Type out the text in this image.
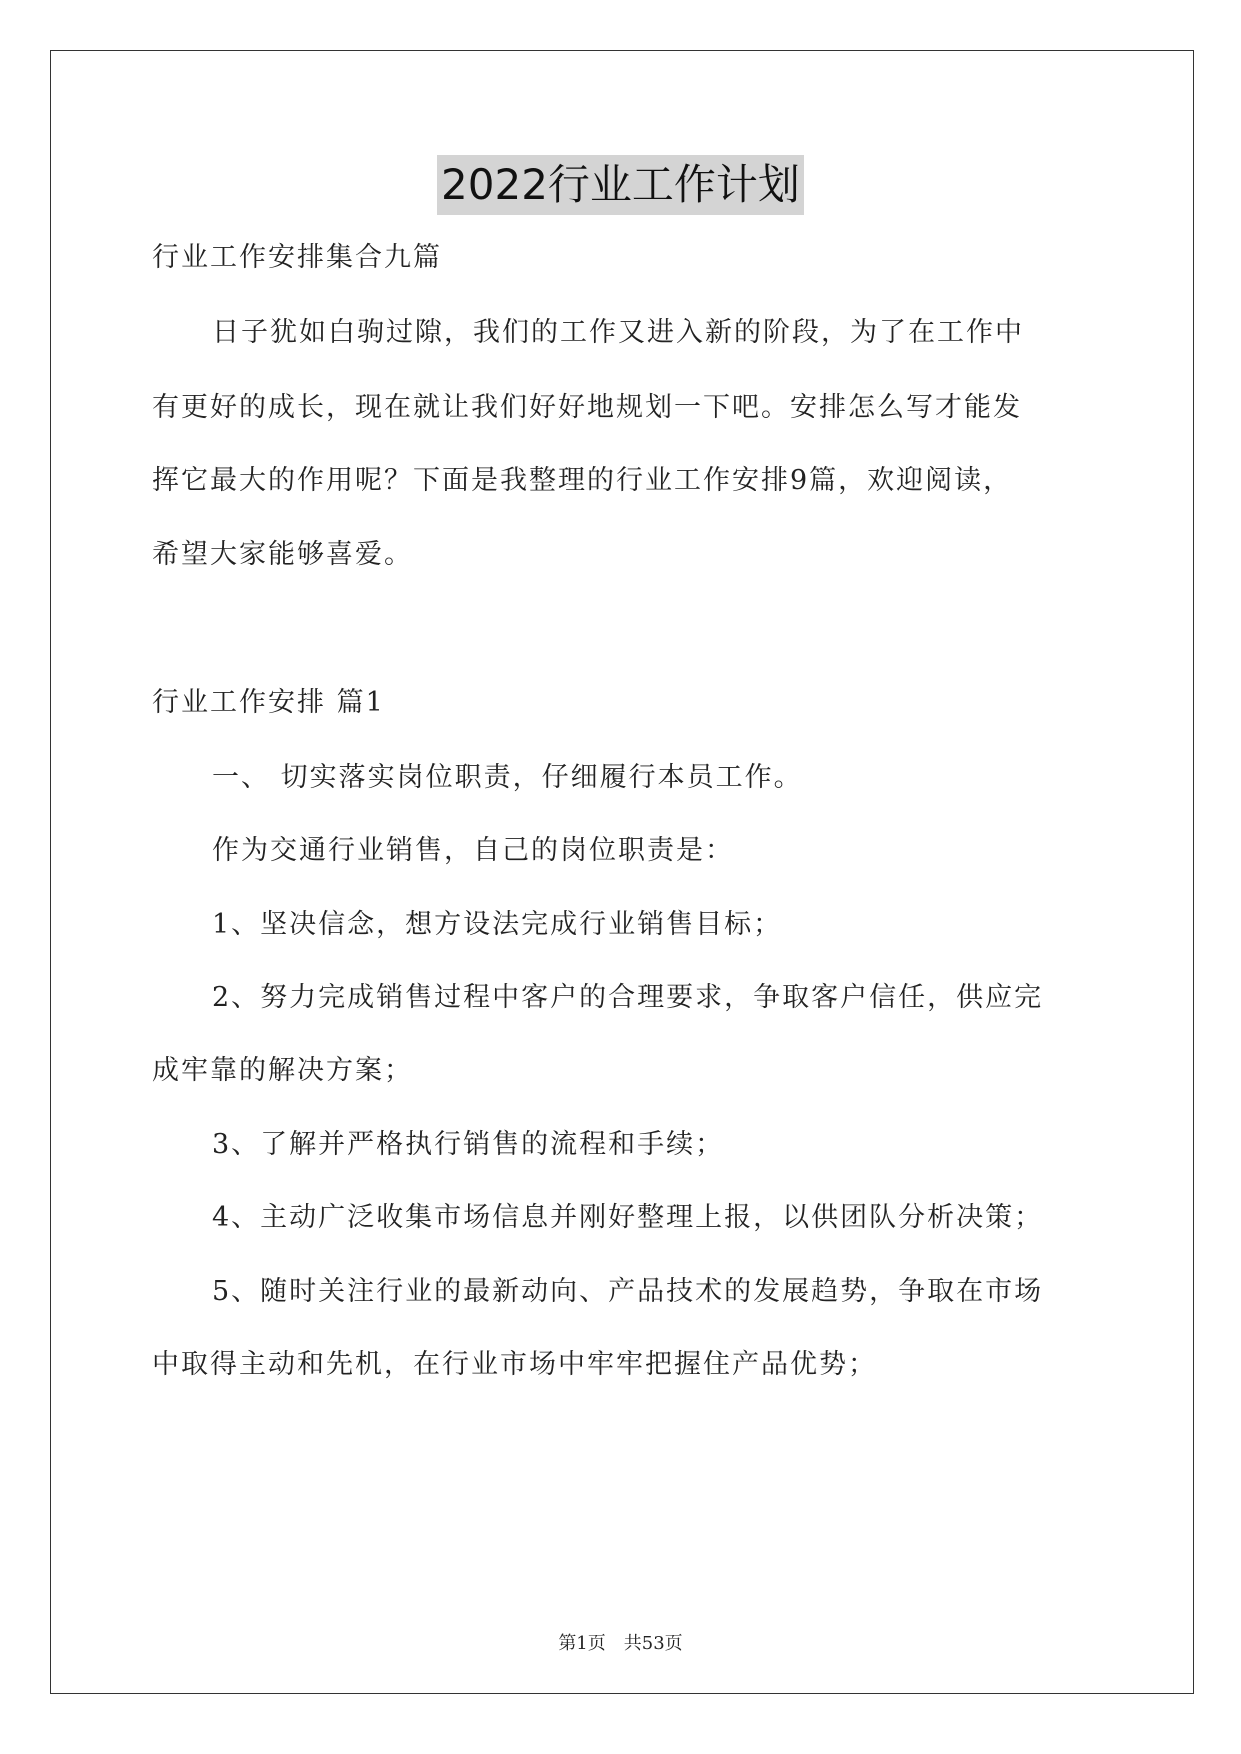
2022行业工作计划
行业工作安排集合九篇
日子犹如白驹过隙，我们的工作又进入新的阶段，为了在工作中
有更好的成长，现在就让我们好好地规划一下吧。安排怎么写才能发
挥它最大的作用呢？下面是我整理的行业工作安排9篇，欢迎阅读，
希望大家能够喜爱。
行业工作安排 篇1
一、 切实落实岗位职责，仔细履行本员工作。
作为交通行业销售，自己的岗位职责是：
1、坚决信念，想方设法完成行业销售目标；
2、努力完成销售过程中客户的合理要求，争取客户信任，供应完
成牢靠的解决方案；
3、了解并严格执行销售的流程和手续；
4、主动广泛收集市场信息并刚好整理上报，以供团队分析决策；
5、随时关注行业的最新动向、产品技术的发展趋势，争取在市场
中取得主动和先机，在行业市场中牢牢把握住产品优势；
第1页　共53页
